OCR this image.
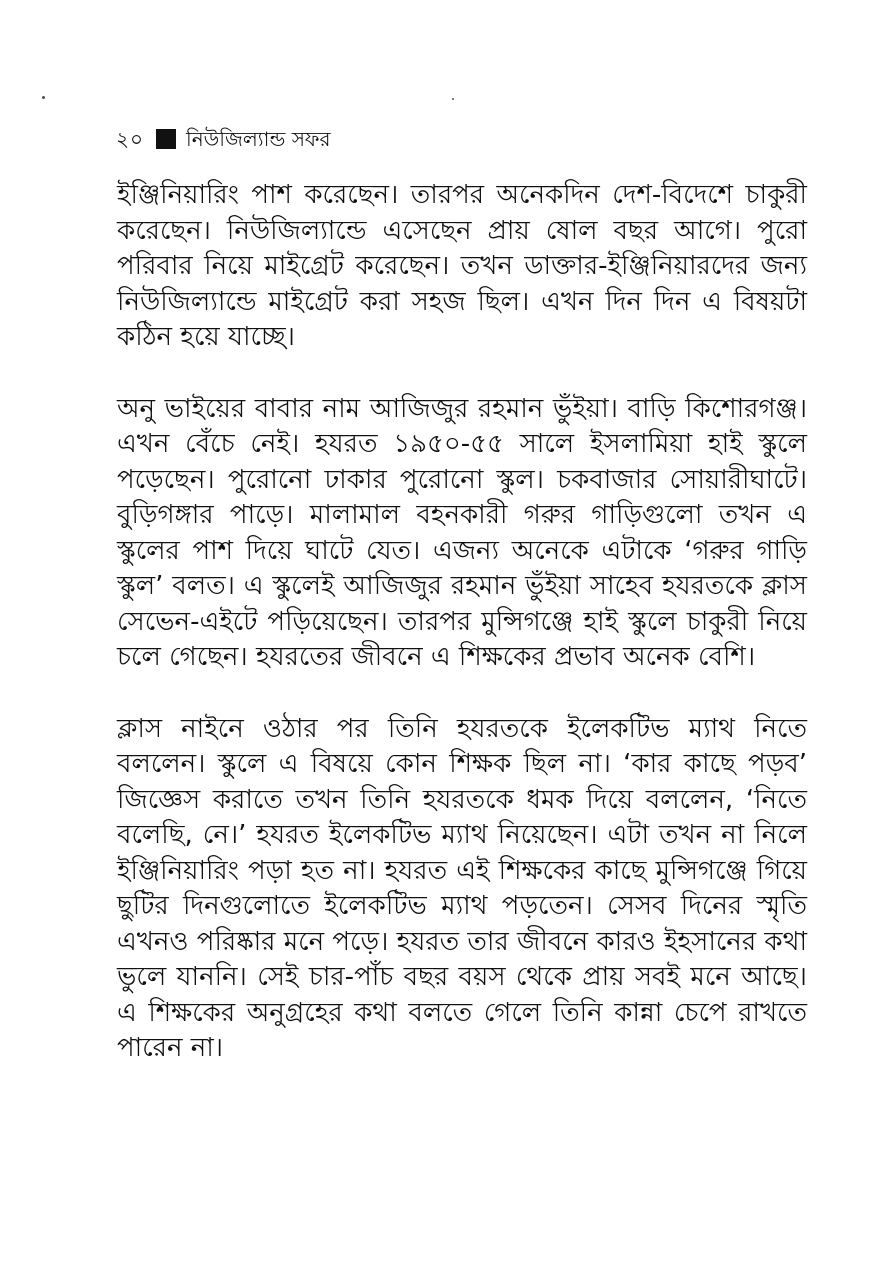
২০ নিউজিল্যান্ড সফর

ইঞ্জিনিয়ারিং পাশ করেছেন। তারপর অনেকদিন দেশ-বিদেশে চাকুরী করেছেন। নিউজিল্যান্ডে এসেছেন প্রায় ষোল বছর আগে। পুরো পরিবার নিয়ে মাইগ্রেট করেছেন। তখন ডাক্তার-ইঞ্জিনিয়ারদের জন্য নিউজিল্যান্ডে মাইগ্রেট করা সহজ ছিল। এখন দিন দিন এ বিষয়টা কঠিন হয়ে যাচ্ছে।

অনু ভাইয়ের বাবার নাম আজিজুর রহমান ভুঁইয়া। বাড়ি কিশোরগঞ্জ। এখন বেঁচে নেই। হযরত ১৯৫০-৫৫ সালে ইসলামিয়া হাই স্কুলে পড়েছেন। পুরোনো ঢাকার পুরোনো স্কুল। চকবাজার সোয়ারীঘাটে। বুড়িগঙ্গার পাড়ে। মালামাল বহনকারী গরুর গাড়িগুলো তখন এ স্কুলের পাশ দিয়ে ঘাটে যেত। এজন্য অনেকে এটাকে ‘গরুর গাড়ি স্কুল’ বলত। এ স্কুলেই আজিজুর রহমান ভুঁইয়া সাহেব হযরতকে ক্লাস সেভেন-এইটে পড়িয়েছেন। তারপর মুন্সিগঞ্জে হাই স্কুলে চাকুরী নিয়ে চলে গেছেন। হযরতের জীবনে এ শিক্ষকের প্রভাব অনেক বেশি।

ক্লাস নাইনে ওঠার পর তিনি হযরতকে ইলেকটিভ ম্যাথ নিতে বললেন। স্কুলে এ বিষয়ে কোন শিক্ষক ছিল না। ‘কার কাছে পড়ব’ জিজ্ঞেস করাতে তখন তিনি হযরতকে ধমক দিয়ে বললেন, ‘নিতে বলেছি, নে।’ হযরত ইলেকটিভ ম্যাথ নিয়েছেন। এটা তখন না নিলে ইঞ্জিনিয়ারিং পড়া হত না। হযরত এই শিক্ষকের কাছে মুন্সিগঞ্জে গিয়ে ছুটির দিনগুলোতে ইলেকটিভ ম্যাথ পড়তেন। সেসব দিনের স্মৃতি এখনও পরিষ্কার মনে পড়ে। হযরত তার জীবনে কারও ইহসানের কথা ভুলে যাননি। সেই চার-পাঁচ বছর বয়স থেকে প্রায় সবই মনে আছে। এ শিক্ষকের অনুগ্রহের কথা বলতে গেলে তিনি কান্না চেপে রাখতে পারেন না।
